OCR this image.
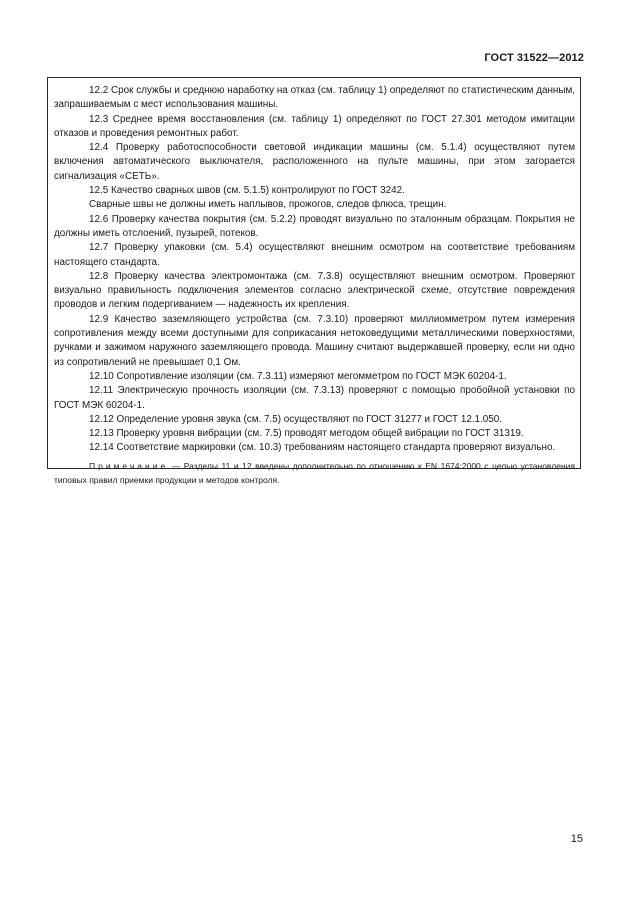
ГОСТ 31522—2012

12.2 Срок службы и среднюю наработку на отказ (см. таблицу 1) определяют по статистическим данным, запрашиваемым с мест использования машины.

12.3 Среднее время восстановления (см. таблицу 1) определяют по ГОСТ 27.301 методом имитации отказов и проведения ремонтных работ.

12.4 Проверку работоспособности световой индикации машины (см. 5.1.4) осуществляют путем включения автоматического выключателя, расположенного на пульте машины, при этом загорается сигнализация «СЕТЬ».

12.5 Качество сварных швов (см. 5.1.5) контролируют по ГОСТ 3242.

Сварные швы не должны иметь наплывов, прожогов, следов флюса, трещин.

12.6 Проверку качества покрытия (см. 5.2.2) проводят визуально по эталонным образцам. Покрытия не должны иметь отслоений, пузырей, потеков.

12.7 Проверку упаковки (см. 5.4) осуществляют внешним осмотром на соответствие требованиям настоящего стандарта.

12.8 Проверку качества электромонтажа (см. 7.3.8) осуществляют внешним осмотром. Проверяют визуально правильность подключения элементов согласно электрической схеме, отсутствие повреждения проводов и легким подергиванием — надежность их крепления.

12.9 Качество заземляющего устройства (см. 7.3.10) проверяют миллиомметром путем измерения сопротивления между всеми доступными для соприкасания нетоковедущими металлическими поверхностями, ручками и зажимом наружного заземляющего провода. Машину считают выдержавшей проверку, если ни одно из сопротивлений не превышает 0,1 Ом.

12.10 Сопротивление изоляции (см. 7.3.11) измеряют мегомметром по ГОСТ МЭК 60204-1.

12.11 Электрическую прочность изоляции (см. 7.3.13) проверяют с помощью пробойной установки по ГОСТ МЭК 60204-1.

12.12 Определение уровня звука (см. 7.5) осуществляют по ГОСТ 31277 и ГОСТ 12.1.050.

12.13 Проверку уровня вибрации (см. 7.5) проводят методом общей вибрации по ГОСТ 31319.

12.14 Соответствие маркировки (см. 10.3) требованиям настоящего стандарта проверяют визуально.

Примечание — Разделы 11 и 12 введены дополнительно по отношению к EN 1674:2000 с целью установления типовых правил приемки продукции и методов контроля.

15
